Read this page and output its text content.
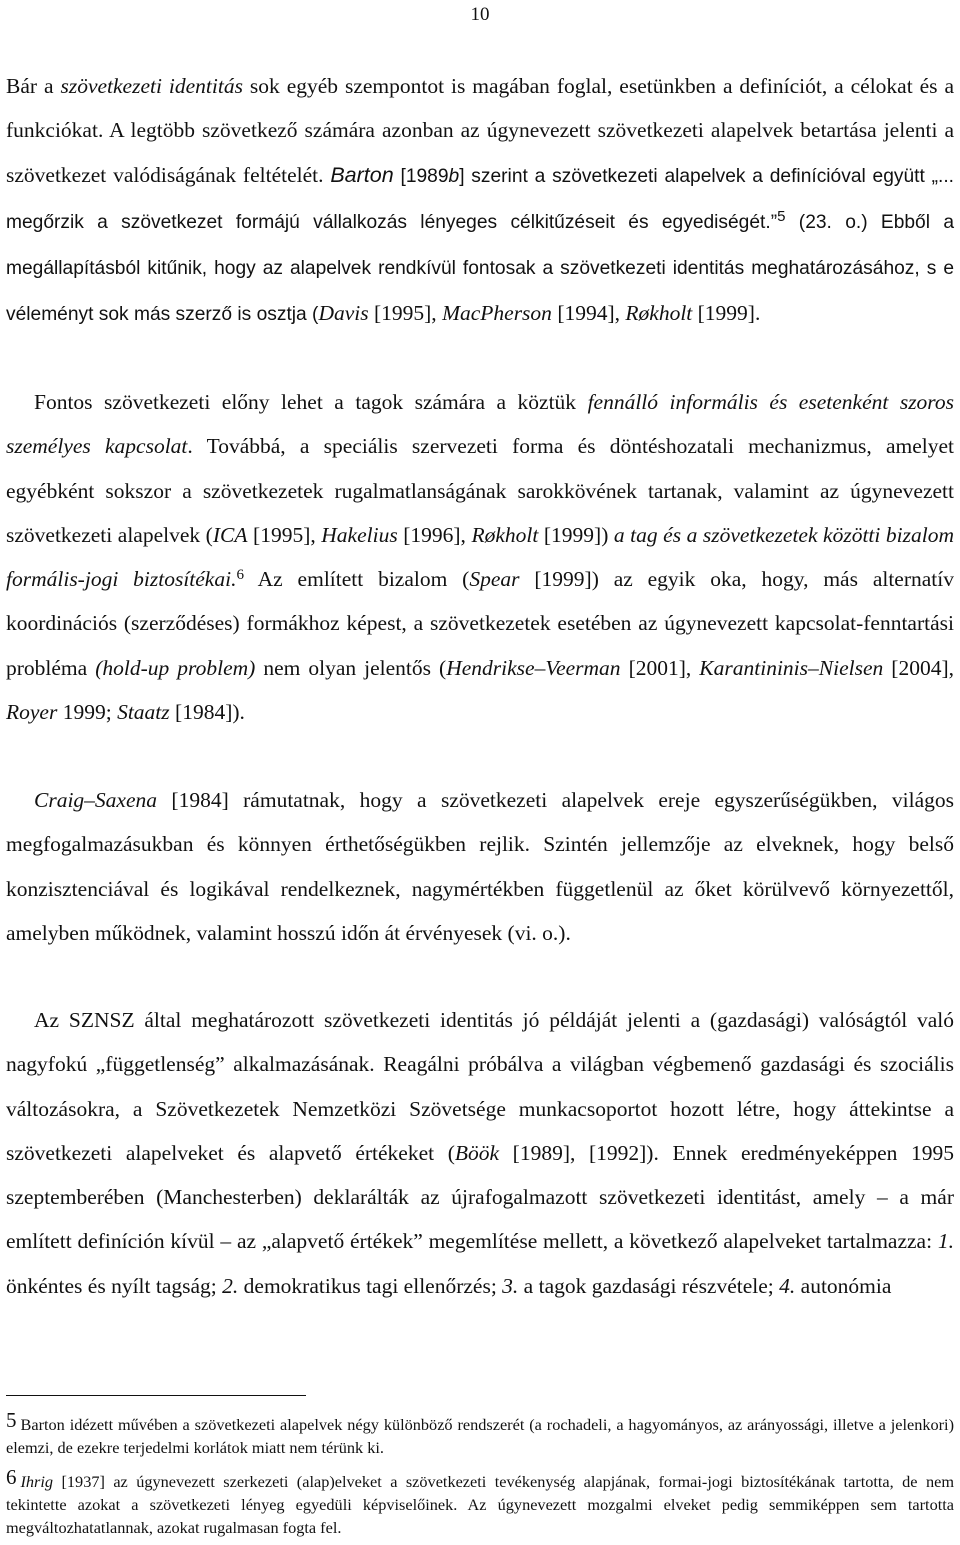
10

Bár a szövetkezeti identitás sok egyéb szempontot is magában foglal, esetünkben a definíciót, a célokat és a funkciókat. A legtöbb szövetkező számára azonban az úgynevezett szövetkezeti alapelvek betartása jelenti a szövetkezet valódiságának feltételét. Barton [1989b] szerint a szövetkezeti alapelvek a definícióval együtt „... megőrzik a szövetkezet formájú vállalkozás lényeges célkitűzéseit és egyediségét.”$^5$ (23. o.) Ebből a megállapításból kitűnik, hogy az alapelvek rendkívül fontosak a szövetkezeti identitás meghatározásához, s e véleményt sok más szerző is osztja (Davis [1995], MacPherson [1994], Røkholt [1999].

Fontos szövetkezeti előny lehet a tagok számára a köztük fennálló informális és esetenként szoros személyes kapcsolat. Továbbá, a speciális szervezeti forma és döntéshozatali mechanizmus, amelyet egyébként sokszor a szövetkezetek rugalmatlanságának sarokkövének tartanak, valamint az úgynevezett szövetkezeti alapelvek (ICA [1995], Hakelius [1996], Røkholt [1999]) a tag és a szövetkezetek közötti bizalom formális-jogi biztosítékai.$^6$ Az említett bizalom (Spear [1999]) az egyik oka, hogy, más alternatív koordinációs (szerződéses) formákhoz képest, a szövetkezetek esetében az úgynevezett kapcsolat-fenntartási probléma (hold-up problem) nem olyan jelentős (Hendrikse–Veerman [2001], Karantininis–Nielsen [2004], Royer 1999; Staatz [1984]).

Craig–Saxena [1984] rámutatnak, hogy a szövetkezeti alapelvek ereje egyszerűségükben, világos megfogalmazásukban és könnyen érthetőségükben rejlik. Szintén jellemzője az elveknek, hogy belső konzisztenciával és logikával rendelkeznek, nagymértékben függetlenül az őket körülvevő környezettől, amelyben működnek, valamint hosszú időn át érvényesek (vi. o.).

Az SZNSZ által meghatározott szövetkezeti identitás jó példáját jelenti a (gazdasági) valóságtól való nagyfokú „függetlenség” alkalmazásának. Reagálni próbálva a világban végbemenő gazdasági és szociális változásokra, a Szövetkezetek Nemzetközi Szövetsége munkacsoportot hozott létre, hogy áttekintse a szövetkezeti alapelveket és alapvető értékeket (Böök [1989], [1992]). Ennek eredményeképpen 1995 szeptemberében (Manchesterben) deklarálták az újrafogalmazott szövetkezeti identitást, amely – a már említett definíción kívül – az „alapvető értékek” megemlítése mellett, a következő alapelveket tartalmazza: 1. önkéntes és nyílt tagság; 2. demokratikus tagi ellenőrzés; 3. a tagok gazdasági részvétele; 4. autonómia

5 Barton idézett művében a szövetkezeti alapelvek négy különböző rendszerét (a rochadeli, a hagyományos, az arányossági, illetve a jelenkori) elemzi, de ezekre terjedelmi korlátok miatt nem térünk ki.

6 Ihrig [1937] az úgynevezett szerkezeti (alap)elveket a szövetkezeti tevékenység alapjának, formai-jogi biztosítékának tartotta, de nem tekintette azokat a szövetkezeti lényeg egyedüli képviselőinek. Az úgynevezett mozgalmi elveket pedig semmiképpen sem tartotta megváltozhatatlannak, azokat rugalmasan fogta fel.
